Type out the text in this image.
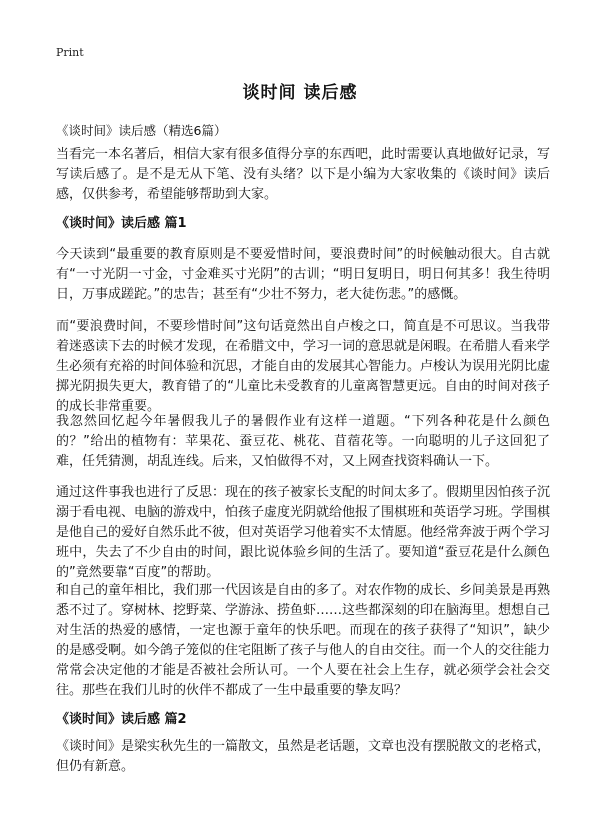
Print
谈时间 读后感
《谈时间》读后感（精选6篇）

当看完一本名著后，相信大家有很多值得分享的东西吧，此时需要认真地做好记录，写写读后感了。是不是无从下笔、没有头绪？以下是小编为大家收集的《谈时间》读后感，仅供参考，希望能够帮助到大家。

《谈时间》读后感 篇1

今天读到“最重要的教育原则是不要爱惜时间，要浪费时间”的时候触动很大。自古就有“一寸光阴一寸金，寸金难买寸光阴”的古训；“明日复明日，明日何其多！我生待明日，万事成蹉跎。”的忠告；甚至有“少壮不努力，老大徒伤悲。”的感慨。

而“要浪费时间，不要珍惜时间”这句话竟然出自卢梭之口，简直是不可思议。当我带着迷惑读下去的时候才发现，在希腊文中，学习一词的意思就是闲暇。在希腊人看来学生必须有充裕的时间体验和沉思，才能自由的发展其心智能力。卢梭认为误用光阴比虚掷光阴损失更大，教育错了的“儿童比未受教育的儿童离智慧更远。自由的时间对孩子的成长非常重要。

我忽然回忆起今年暑假我儿子的暑假作业有这样一道题。“下列各种花是什么颜色的？”给出的植物有：苹果花、蚕豆花、桃花、苜蓿花等。一向聪明的儿子这回犯了难，任凭猜测，胡乱连线。后来，又怕做得不对，又上网查找资料确认一下。

通过这件事我也进行了反思：现在的孩子被家长支配的时间太多了。假期里因怕孩子沉溺于看电视、电脑的游戏中，怕孩子虚度光阴就给他报了围棋班和英语学习班。学围棋是他自己的爱好自然乐此不彼，但对英语学习他着实不太情愿。他经常奔波于两个学习班中，失去了不少自由的时间，跟比说体验乡间的生活了。要知道“蚕豆花是什么颜色的”竟然要靠“百度”的帮助。

和自己的童年相比，我们那一代因该是自由的多了。对农作物的成长、乡间美景是再熟悉不过了。穿树林、挖野菜、学游泳、捞鱼虾……这些都深刻的印在脑海里。想想自己对生活的热爱的感情，一定也源于童年的快乐吧。而现在的孩子获得了“知识”，缺少的是感受啊。如今鸽子笼似的住宅阻断了孩子与他人的自由交往。而一个人的交往能力常常会决定他的才能是否被社会所认可。一个人要在社会上生存，就必须学会社会交往。那些在我们儿时的伙伴不都成了一生中最重要的挚友吗？

《谈时间》读后感 篇2

《谈时间》是梁实秋先生的一篇散文，虽然是老话题，文章也没有摆脱散文的老格式，但仍有新意。
